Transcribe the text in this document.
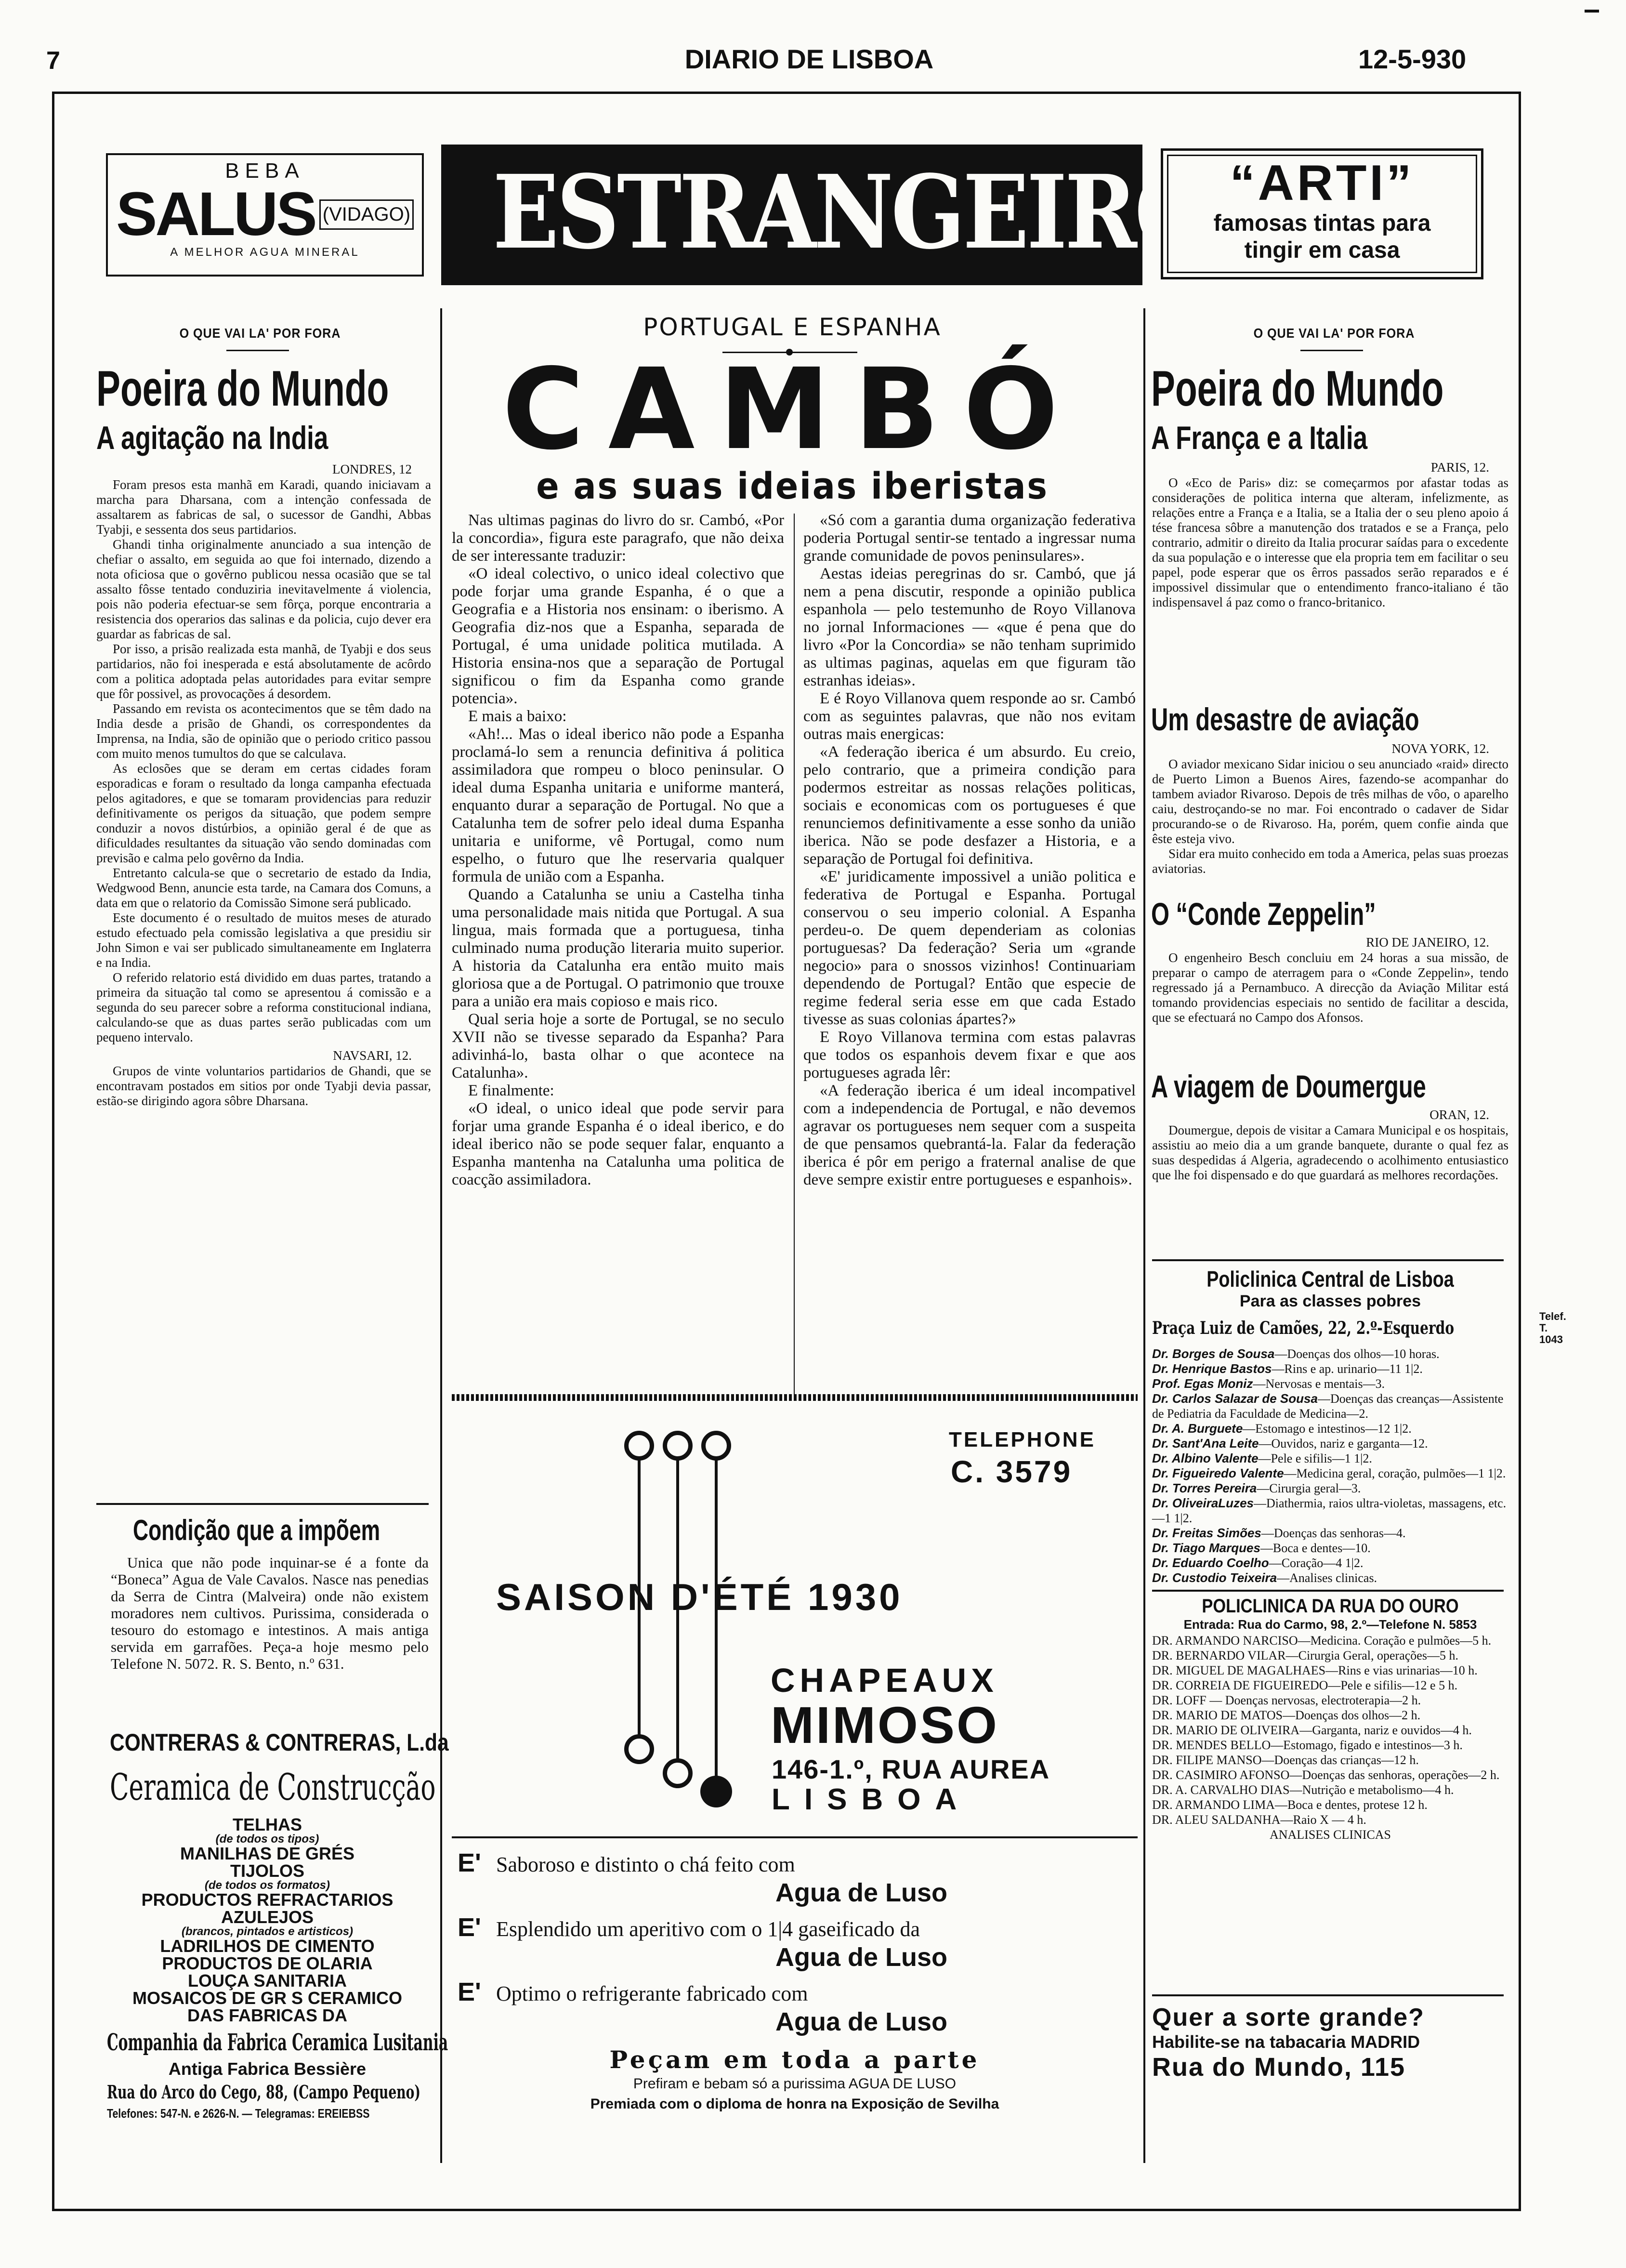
7	DIARIO DE LISBOA	12-5-930
BEBA
SALUS (VIDAGO)
A MELHOR AGUA MINERAL	ESTRANGEIRO “ARTI”
famosas tintas para
tingir em casa
O QUE VAI LA' POR FORA
Poeira do Mundo
A agitação na India
LONDRES, 12

Foram presos esta manhã em Karadi, quando iniciavam a marcha para Dharsana, com a intenção confessada de assaltarem as fabricas de sal, o sucessor de Gandhi, Abbas Tyabji, e sessenta dos seus partidarios.

Ghandi tinha originalmente anunciado a sua intenção de chefiar o assalto, em seguida ao que foi internado, dizendo a nota oficiosa que o govêrno publicou nessa ocasião que se tal assalto fôsse tentado conduziria inevitavelmente á violencia, pois não poderia efectuar-se sem fôrça, porque encontraria a resistencia dos operarios das salinas e da policia, cujo dever era guardar as fabricas de sal.

Por isso, a prisão realizada esta manhã, de Tyabji e dos seus partidarios, não foi inesperada e está absolutamente de acôrdo com a politica adoptada pelas autoridades para evitar sempre que fôr possivel, as provocações á desordem.

Passando em revista os acontecimentos que se têm dado na India desde a prisão de Ghandi, os correspondentes da Imprensa, na India, são de opinião que o periodo critico passou com muito menos tumultos do que se calculava.

As eclosões que se deram em certas cidades foram esporadicas e foram o resultado da longa campanha efectuada pelos agitadores, e que se tomaram providencias para reduzir definitivamente os perigos da situação, que podem sempre conduzir a novos distúrbios, a opinião geral é de que as dificuldades resultantes da situação vão sendo dominadas com previsão e calma pelo govêrno da India.

Entretanto calcula-se que o secretario de estado da India, Wedgwood Benn, anuncie esta tarde, na Camara dos Comuns, a data em que o relatorio da Comissão Simone será publicado.

Este documento é o resultado de muitos meses de aturado estudo efectuado pela comissão legislativa a que presidiu sir John Simon e vai ser publicado simultaneamente em Inglaterra e na India.

O referido relatorio está dividido em duas partes, tratando a primeira da situação tal como se apresentou á comissão e a segunda do seu parecer sobre a reforma constitucional indiana, calculando-se que as duas partes serão publicadas com um pequeno intervalo.

NAVSARI, 12.

Grupos de vinte voluntarios partidarios de Ghandi, que se encontravam postados em sitios por onde Tyabji devia passar, estão-se dirigindo agora sôbre Dharsana.

Condição que a impõem

Unica que não pode inquinar-se é a fonte da “Boneca” Agua de Vale Cavalos. Nasce nas penedias da Serra de Cintra (Malveira) onde não existem moradores nem cultivos. Purissima, considerada o tesouro do estomago e intestinos. A mais antiga servida em garrafões. Peça-a hoje mesmo pelo Telefone N. 5072. R. S. Bento, n.º 631.

CONTRERAS & CONTRERAS, L.da
Ceramica de Construcção
TELHAS
(de todos os tipos)
MANILHAS DE GRÉS
TIJOLOS
(de todos os formatos)
PRODUCTOS REFRACTARIOS
AZULEJOS
(brancos, pintados e artisticos)
LADRILHOS DE CIMENTO
PRODUCTOS DE OLARIA
LOUÇA SANITARIA
MOSAICOS DE GR S CERAMICO
DAS FABRICAS DA
Companhia da Fabrica Ceramica Lusitania
Antiga Fabrica Bessière
Rua do Arco do Cego, 88, (Campo Pequeno)
Telefones: 547-N. e 2626-N. — Telegramas: EREIEBSS
PORTUGAL E ESPANHA
CAMBÓ
e as suas ideias iberistas

Nas ultimas paginas do livro do sr. Cambó, «Por la concordia», figura este paragrafo, que não deixa de ser interessante traduzir:

«O ideal colectivo, o unico ideal colectivo que pode forjar uma grande Espanha, é o que a Geografia e a Historia nos ensinam: o iberismo. A Geografia diz-nos que a Espanha, separada de Portugal, é uma unidade politica mutilada. A Historia ensina-nos que a separação de Portugal significou o fim da Espanha como grande potencia».

E mais a baixo:

«Ah!... Mas o ideal iberico não pode a Espanha proclamá-lo sem a renuncia definitiva á politica assimiladora que rompeu o bloco peninsular. O ideal duma Espanha unitaria e uniforme manterá, enquanto durar a separação de Portugal. No que a Catalunha tem de sofrer pelo ideal duma Espanha unitaria e uniforme, vê Portugal, como num espelho, o futuro que lhe reservaria qualquer formula de união com a Espanha.

Quando a Catalunha se uniu a Castelha tinha uma personalidade mais nitida que Portugal. A sua lingua, mais formada que a portuguesa, tinha culminado numa produção literaria muito superior. A historia da Catalunha era então muito mais gloriosa que a de Portugal. O patrimonio que trouxe para a união era mais copioso e mais rico.

Qual seria hoje a sorte de Portugal, se no seculo XVII não se tivesse separado da Espanha? Para adivinhá-lo, basta olhar o que acontece na Catalunha».

E finalmente:

«O ideal, o unico ideal que pode servir para forjar uma grande Espanha é o ideal iberico, e do ideal iberico não se pode sequer falar, enquanto a Espanha mantenha na Catalunha uma politica de coacção assimiladora.

«Só com a garantia duma organização federativa poderia Portugal sentir-se tentado a ingressar numa grande comunidade de povos peninsulares».

Aestas ideias peregrinas do sr. Cambó, que já nem a pena discutir, responde a opinião publica espanhola — pelo testemunho de Royo Villanova no jornal Informaciones — «que é pena que do livro «Por la Concordia» se não tenham suprimido as ultimas paginas, aquelas em que figuram tão estranhas ideias».

E é Royo Villanova quem responde ao sr. Cambó com as seguintes palavras, que não nos evitam outras mais energicas:

«A federação iberica é um absurdo. Eu creio, pelo contrario, que a primeira condição para podermos estreitar as nossas relações politicas, sociais e economicas com os portugueses é que renunciemos definitivamente a esse sonho da união iberica. Não se pode desfazer a Historia, e a separação de Portugal foi definitiva.

«E' juridicamente impossivel a união politica e federativa de Portugal e Espanha. Portugal conservou o seu imperio colonial. A Espanha perdeu-o. De quem dependeriam as colonias portuguesas? Da federação? Seria um «grande negocio» para o snossos vizinhos! Continuariam dependendo de Portugal? Então que especie de regime federal seria esse em que cada Estado tivesse as suas colonias ápartes?»

E Royo Villanova termina com estas palavras que todos os espanhois devem fixar e que aos portugueses agrada lêr:

«A federação iberica é um ideal incompativel com a independencia de Portugal, e não devemos agravar os portugueses nem sequer com a suspeita de que pensamos quebrantá-la. Falar da federação iberica é pôr em perigo a fraternal analise de que deve sempre existir entre portugueses e espanhois».

TELEPHONE
C. 3579
SAISON D'ÉTÉ 1930
CHAPEAUX
MIMOSO
146-1.º, RUA AUREA
LISBOA
E' Saboroso e distinto o chá feito com
Agua de Luso
E' Esplendido um aperitivo com o 1|4 gaseificado da
Agua de Luso
E' Optimo o refrigerante fabricado com
Agua de Luso
Peçam em toda a parte
Prefiram e bebam só a purissima AGUA DE LUSO
Premiada com o diploma de honra na Exposição de Sevilha
O QUE VAI LA' POR FORA
Poeira do Mundo
A França e a Italia
PARIS, 12.

O «Eco de Paris» diz: se começarmos por afastar todas as considerações de politica interna que alteram, infelizmente, as relações entre a França e a Italia, se a Italia der o seu pleno apoio á tése francesa sôbre a manutenção dos tratados e se a França, pelo contrario, admitir o direito da Italia procurar saídas para o excedente da sua população e o interesse que ela propria tem em facilitar o seu papel, pode esperar que os êrros passados serão reparados e é impossivel dissimular que o entendimento franco-italiano é tão indispensavel á paz como o franco-britanico.

Um desastre de aviação
NOVA YORK, 12.

O aviador mexicano Sidar iniciou o seu anunciado «raid» directo de Puerto Limon a Buenos Aires, fazendo-se acompanhar do tambem aviador Rivaroso. Depois de três milhas de vôo, o aparelho caiu, destroçando-se no mar. Foi encontrado o cadaver de Sidar procurando-se o de Rivaroso. Ha, porém, quem confie ainda que êste esteja vivo.

Sidar era muito conhecido em toda a America, pelas suas proezas aviatorias.

O “Conde Zeppelin”
RIO DE JANEIRO, 12.

O engenheiro Besch concluiu em 24 horas a sua missão, de preparar o campo de aterragem para o «Conde Zeppelin», tendo regressado já a Pernambuco. A direcção da Aviação Militar está tomando providencias especiais no sentido de facilitar a descida, que se efectuará no Campo dos Afonsos.

A viagem de Doumergue
ORAN, 12.

Doumergue, depois de visitar a Camara Municipal e os hospitais, assistiu ao meio dia a um grande banquete, durante o qual fez as suas despedidas á Algeria, agradecendo o acolhimento entusiastico que lhe foi dispensado e do que guardará as melhores recordações.

Policlinica Central de Lisboa
Para as classes pobres
Praça Luiz de Camões, 22, 2.º-Esquerdo
Telef. T. 1043
Dr. Borges de Sousa—Doenças dos olhos—10 horas.
Dr. Henrique Bastos—Rins e ap. urinario—11 1|2.
Prof. Egas Moniz—Nervosas e mentais—3.
Dr. Carlos Salazar de Sousa—Doenças das creanças—Assistente de Pediatria da Faculdade de Medicina—2.
Dr. A. Burguete—Estomago e intestinos—12 1|2.
Dr. Sant'Ana Leite—Ouvidos, nariz e garganta—12.
Dr. Albino Valente—Pele e sifilis—1 1|2.
Dr. Figueiredo Valente—Medicina geral, coração, pulmões—1 1|2.
Dr. Torres Pereira—Cirurgia geral—3.
Dr. OliveiraLuzes—Diathermia, raios ultra-violetas, massagens, etc.—1 1|2.
Dr. Freitas Simões—Doenças das senhoras—4.
Dr. Tiago Marques—Boca e dentes—10.
Dr. Eduardo Coelho—Coração—4 1|2.
Dr. Custodio Teixeira—Analises clinicas.
POLICLINICA DA RUA DO OURO
Entrada: Rua do Carmo, 98, 2.º—Telefone N. 5853
DR. ARMANDO NARCISO—Medicina. Coração e pulmões—5 h.
DR. BERNARDO VILAR—Cirurgia Geral, operações—5 h.
DR. MIGUEL DE MAGALHAES—Rins e vias urinarias—10 h.
DR. CORREIA DE FIGUEIREDO—Pele e sifilis—12 e 5 h.
DR. LOFF — Doenças nervosas, electroterapia—2 h.
DR. MARIO DE MATOS—Doenças dos olhos—2 h.
DR. MARIO DE OLIVEIRA—Garganta, nariz e ouvidos—4 h.
DR. MENDES BELLO—Estomago, figado e intestinos—3 h.
DR. FILIPE MANSO—Doenças das crianças—12 h.
DR. CASIMIRO AFONSO—Doenças das senhoras, operações—2 h.
DR. A. CARVALHO DIAS—Nutrição e metabolismo—4 h.
DR. ARMANDO LIMA—Boca e dentes, protese 12 h.
DR. ALEU SALDANHA—Raio X — 4 h.
ANALISES CLINICAS
Quer a sorte grande?
Habilite-se na tabacaria MADRID
Rua do Mundo, 115
